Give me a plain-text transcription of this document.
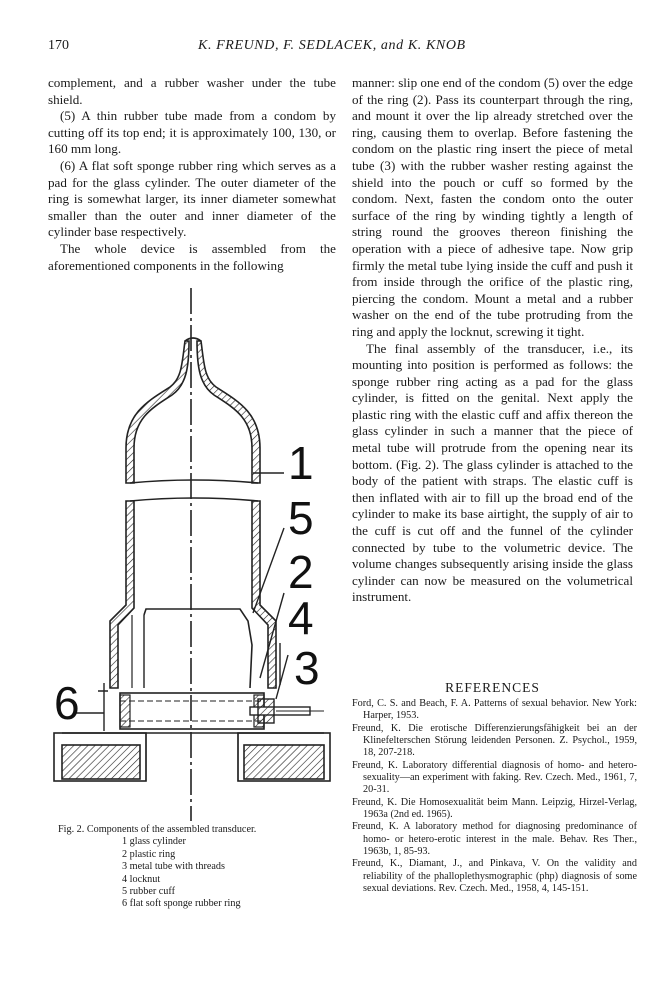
170	K. FREUND, F. SEDLACEK, and K. KNOB

complement, and a rubber washer under the tube shield.

(5) A thin rubber tube made from a condom by cutting off its top end; it is approximately 100, 130, or 160 mm long.

(6) A flat soft sponge rubber ring which serves as a pad for the glass cylinder. The outer diameter of the ring is somewhat larger, its inner diameter somewhat smaller than the outer and inner diameter of the cylinder base respectively.

The whole device is assembled from the aforementioned components in the following

1
5
2
4
3
6

Fig. 2. Components of the assembled transducer.

1 glass cylinder
2 plastic ring
3 metal tube with threads
4 locknut
5 rubber cuff
6 flat soft sponge rubber ring

manner: slip one end of the condom (5) over the edge of the ring (2). Pass its counterpart through the ring, and mount it over the lip already stretched over the ring, causing them to overlap. Before fastening the condom on the plastic ring insert the piece of metal tube (3) with the rubber washer resting against the shield into the pouch or cuff so formed by the condom. Next, fasten the condom onto the outer surface of the ring by winding tightly a length of string round the grooves thereon finishing the operation with a piece of adhesive tape. Now grip firmly the metal tube lying inside the cuff and push it from inside through the orifice of the plastic ring, piercing the condom. Mount a metal and a rubber washer on the end of the tube protruding from the ring and apply the locknut, screwing it tight.

The final assembly of the transducer, i.e., its mounting into position is performed as follows: the sponge rubber ring acting as a pad for the glass cylinder, is fitted on the genital. Next apply the plastic ring with the elastic cuff and affix thereon the glass cylinder in such a manner that the piece of metal tube will protrude from the opening near its bottom. (Fig. 2). The glass cylinder is attached to the body of the patient with straps. The elastic cuff is then inflated with air to fill up the broad end of the cylinder to make its base airtight, the supply of air to the cuff is cut off and the funnel of the cylinder connected by tube to the volumetric device. The volume changes subsequently arising inside the glass cylinder can now be measured on the volumetrical instrument.

REFERENCES

Ford, C. S. and Beach, F. A. Patterns of sexual behavior. New York: Harper, 1953.

Freund, K. Die erotische Differenzierungsfähigkeit bei an der Klinefelterschen Störung leidenden Personen. Z. Psychol., 1959, 18, 207-218.

Freund, K. Laboratory differential diagnosis of homo- and hetero-sexuality—an experiment with faking. Rev. Czech. Med., 1961, 7, 20-31.

Freund, K. Die Homosexualität beim Mann. Leipzig, Hirzel-Verlag, 1963a (2nd ed. 1965).

Freund, K. A laboratory method for diagnosing predominance of homo- or hetero-erotic interest in the male. Behav. Res Ther., 1963b, 1, 85-93.

Freund, K., Diamant, J., and Pinkava, V. On the validity and reliability of the phalloplethysmographic (php) diagnosis of some sexual deviations. Rev. Czech. Med., 1958, 4, 145-151.
